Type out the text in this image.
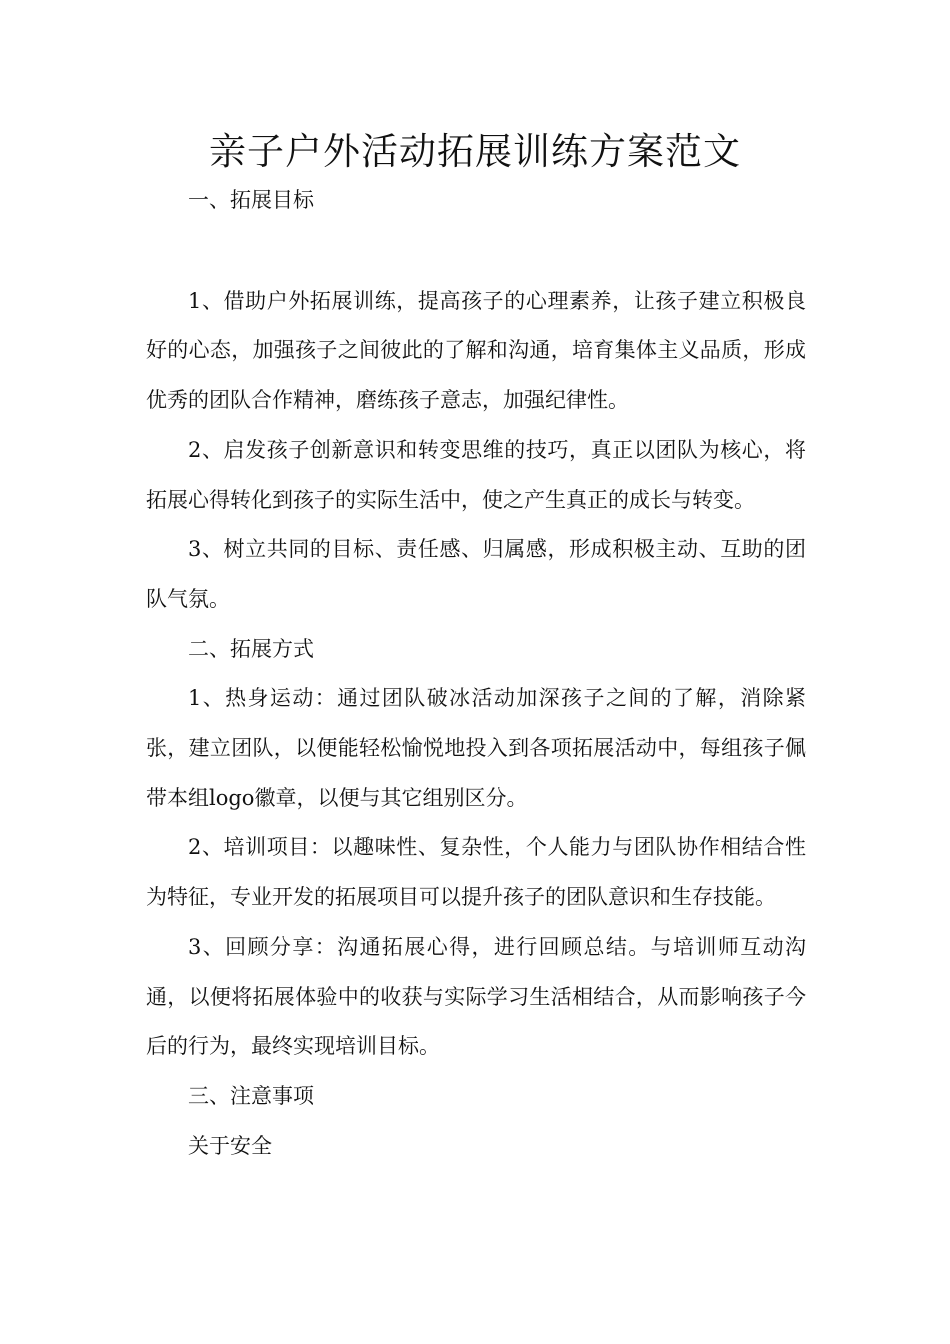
亲子户外活动拓展训练方案范文

一、拓展目标

1、借助户外拓展训练，提高孩子的心理素养，让孩子建立积极良好的心态，加强孩子之间彼此的了解和沟通，培育集体主义品质，形成优秀的团队合作精神，磨练孩子意志，加强纪律性。

2、启发孩子创新意识和转变思维的技巧，真正以团队为核心，将拓展心得转化到孩子的实际生活中，使之产生真正的成长与转变。

3、树立共同的目标、责任感、归属感，形成积极主动、互助的团队气氛。

二、拓展方式

1、热身运动：通过团队破冰活动加深孩子之间的了解，消除紧张，建立团队，以便能轻松愉悦地投入到各项拓展活动中，每组孩子佩带本组logo徽章，以便与其它组别区分。

2、培训项目：以趣味性、复杂性，个人能力与团队协作相结合性为特征，专业开发的拓展项目可以提升孩子的团队意识和生存技能。

3、回顾分享：沟通拓展心得，进行回顾总结。与培训师互动沟通，以便将拓展体验中的收获与实际学习生活相结合，从而影响孩子今后的行为，最终实现培训目标。

三、注意事项

关于安全
